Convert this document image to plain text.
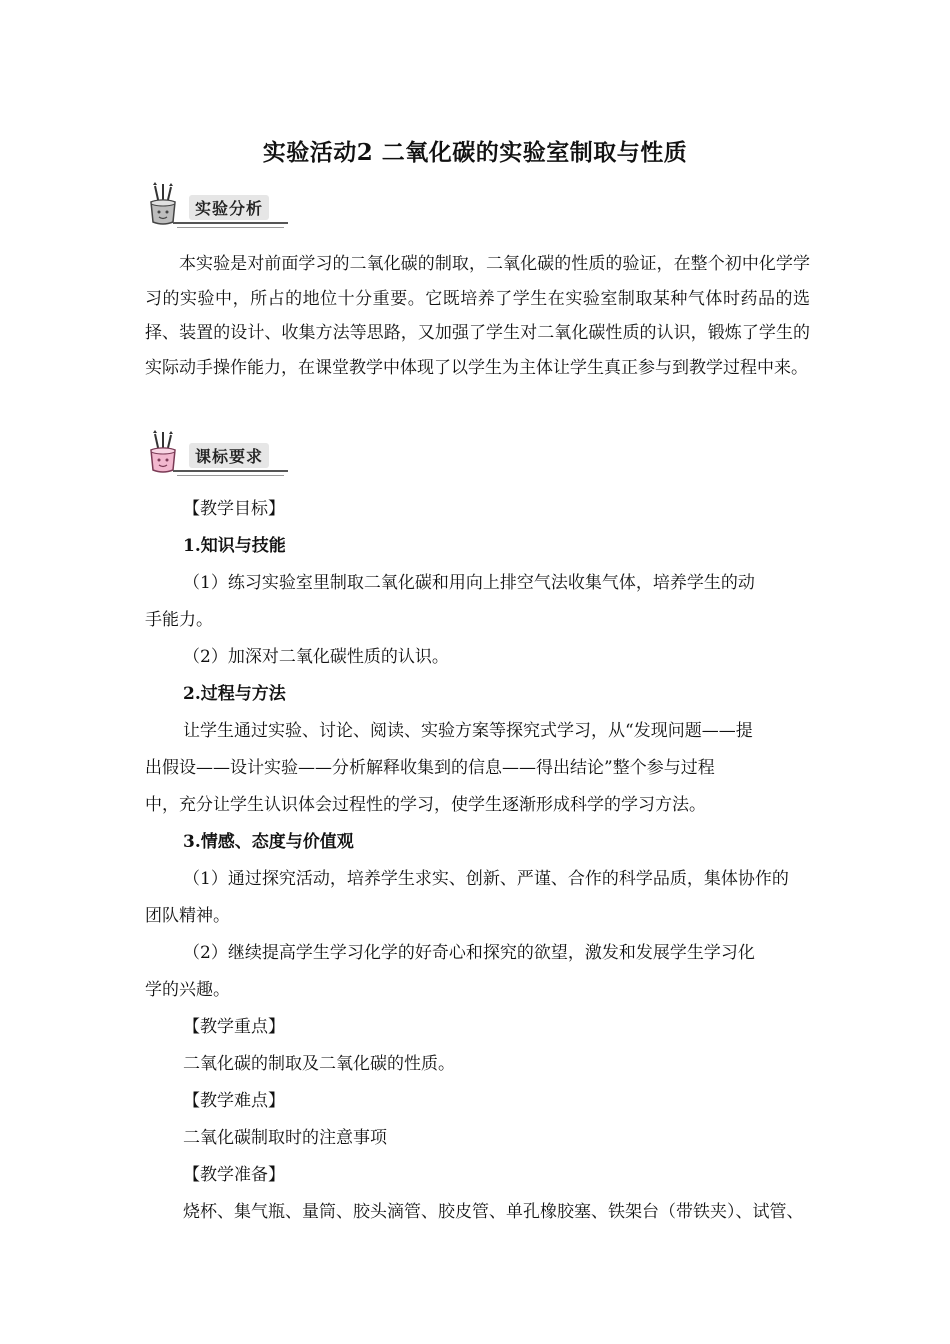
实验活动2 二氧化碳的实验室制取与性质
实验分析

本实验是对前面学习的二氧化碳的制取，二氧化碳的性质的验证，在整个初中化学学习的实验中，所占的地位十分重要。它既培养了学生在实验室制取某种气体时药品的选择、装置的设计、收集方法等思路，又加强了学生对二氧化碳性质的认识，锻炼了学生的实际动手操作能力，在课堂教学中体现了以学生为主体让学生真正参与到教学过程中来。

课标要求
【教学目标】
1.知识与技能
（1）练习实验室里制取二氧化碳和用向上排空气法收集气体，培养学生的动
手能力。
（2）加深对二氧化碳性质的认识。
2.过程与方法
让学生通过实验、讨论、阅读、实验方案等探究式学习，从“发现问题——提
出假设——设计实验——分析解释收集到的信息——得出结论”整个参与过程
中，充分让学生认识体会过程性的学习，使学生逐渐形成科学的学习方法。
3.情感、态度与价值观
（1）通过探究活动，培养学生求实、创新、严谨、合作的科学品质，集体协作的
团队精神。
（2）继续提高学生学习化学的好奇心和探究的欲望，激发和发展学生学习化
学的兴趣。
【教学重点】
二氧化碳的制取及二氧化碳的性质。
【教学难点】
二氧化碳制取时的注意事项
【教学准备】
烧杯、集气瓶、量筒、胶头滴管、胶皮管、单孔橡胶塞、铁架台（带铁夹）、试管、
